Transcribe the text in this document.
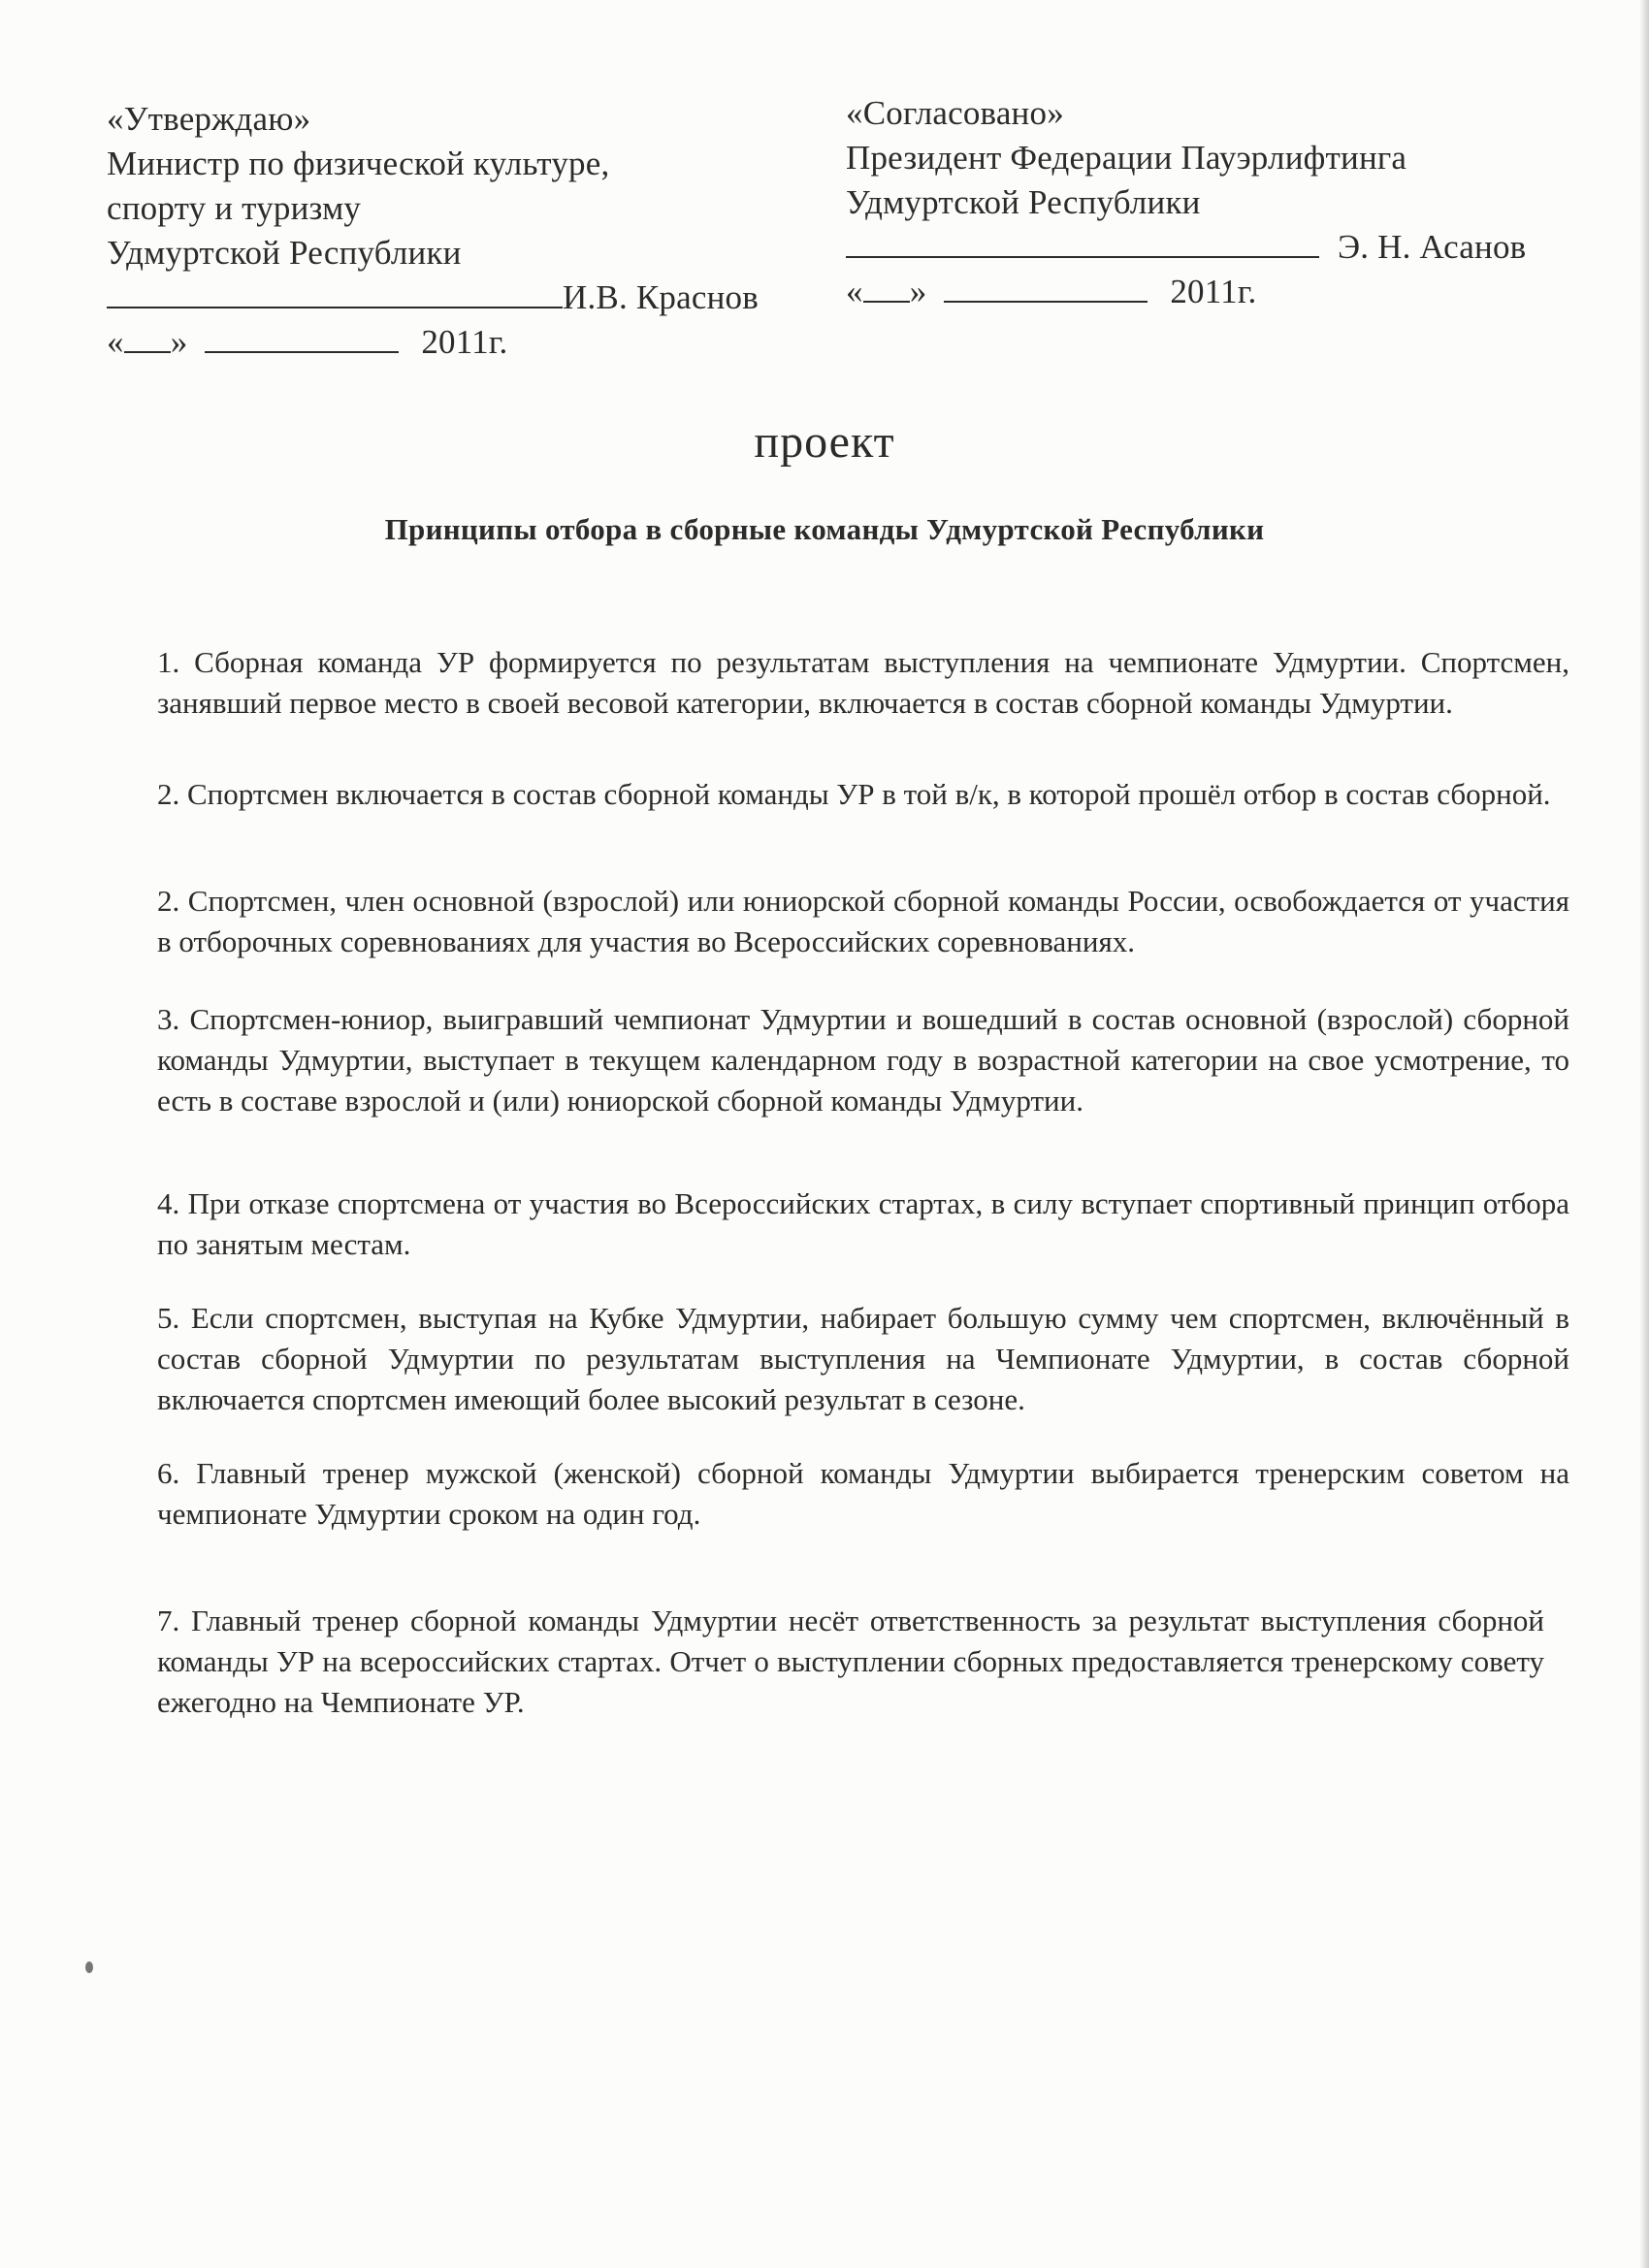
«Утверждаю»
Министр по физической культуре,
спорту и туризму
Удмуртской Республики
И.В. Краснов
« »	2011г.
«Согласовано»
Президент Федерации Пауэрлифтинга
Удмуртской Республики
Э. Н. Асанов
« »	2011г.
проект
Принципы отбора в сборные команды Удмуртской Республики
1. Сборная команда УР формируется по результатам выступления на чемпионате Удмуртии. Спортсмен, занявший первое место в своей весовой категории, включается в состав сборной команды Удмуртии.
2. Спортсмен включается в состав сборной команды УР в той в/к, в которой прошёл отбор в состав сборной.
2. Спортсмен, член основной (взрослой) или юниорской сборной команды России, освобождается от участия в отборочных соревнованиях для участия во Всероссийских соревнованиях.
3. Спортсмен-юниор, выигравший чемпионат Удмуртии и вошедший в состав основной (взрослой) сборной команды Удмуртии, выступает в текущем календарном году в возрастной категории на свое усмотрение, то есть в составе взрослой и (или) юниорской сборной команды Удмуртии.
4. При отказе спортсмена от участия во Всероссийских стартах, в силу вступает спортивный принцип отбора по занятым местам.
5. Если спортсмен, выступая на Кубке Удмуртии, набирает большую сумму чем спортсмен, включённый в состав сборной Удмуртии по результатам выступления на Чемпионате Удмуртии, в состав сборной включается спортсмен имеющий более высокий результат в сезоне.
6. Главный тренер мужской (женской) сборной команды Удмуртии выбирается тренерским советом на чемпионате Удмуртии сроком на один год.
7. Главный тренер сборной команды Удмуртии несёт ответственность за результат выступления сборной команды УР на всероссийских стартах. Отчет о выступлении сборных предоставляется тренерскому совету ежегодно на Чемпионате УР.
